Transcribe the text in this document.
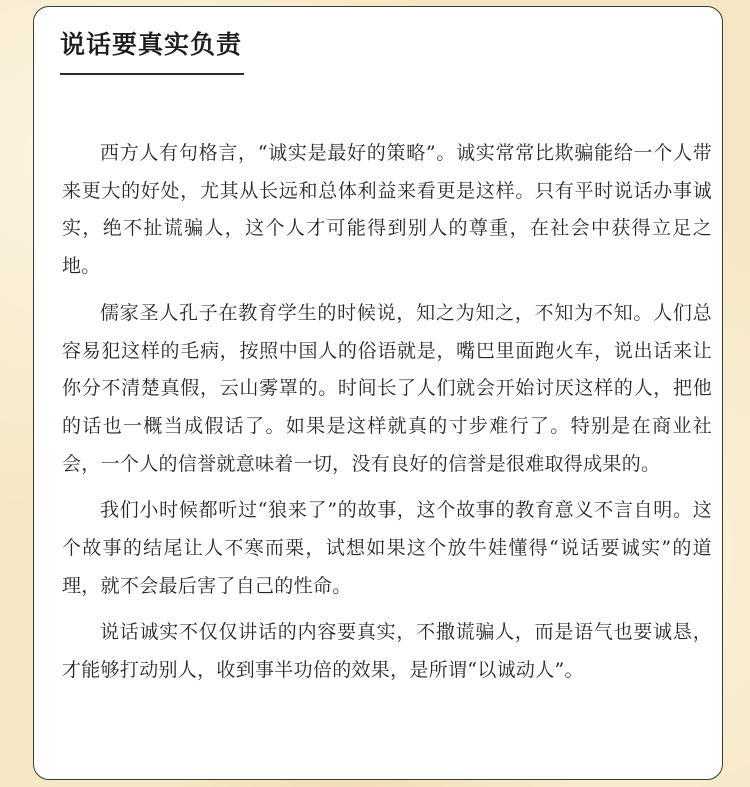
说话要真实负责

西方人有句格言，“诚实是最好的策略”。诚实常常比欺骗能给一个人带来更大的好处，尤其从长远和总体利益来看更是这样。只有平时说话办事诚实，绝不扯谎骗人，这个人才可能得到别人的尊重，在社会中获得立足之地。

儒家圣人孔子在教育学生的时候说，知之为知之，不知为不知。人们总容易犯这样的毛病，按照中国人的俗语就是，嘴巴里面跑火车，说出话来让你分不清楚真假，云山雾罩的。时间长了人们就会开始讨厌这样的人，把他的话也一概当成假话了。如果是这样就真的寸步难行了。特别是在商业社会，一个人的信誉就意味着一切，没有良好的信誉是很难取得成果的。

我们小时候都听过“狼来了”的故事，这个故事的教育意义不言自明。这个故事的结尾让人不寒而栗，试想如果这个放牛娃懂得“说话要诚实”的道理，就不会最后害了自己的性命。

说话诚实不仅仅讲话的内容要真实，不撒谎骗人，而是语气也要诚恳，才能够打动别人，收到事半功倍的效果，是所谓“以诚动人”。
